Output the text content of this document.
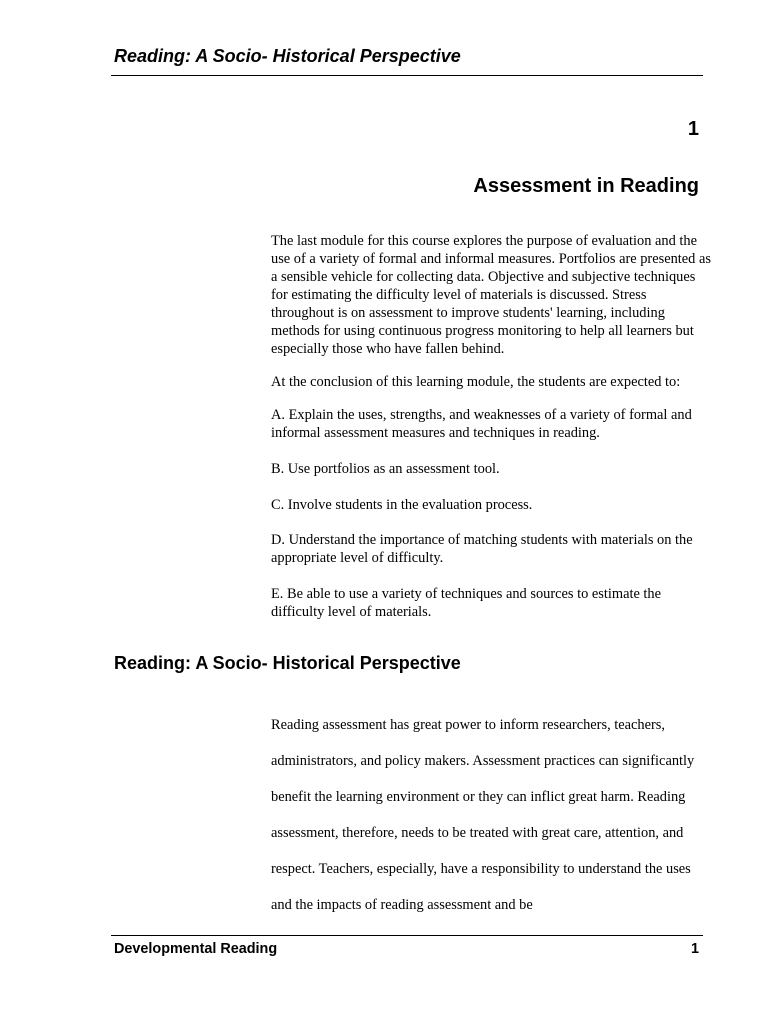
Reading: A Socio- Historical Perspective
1
Assessment in Reading

The last module for this course explores the purpose of evaluation and the use of a variety of formal and informal measures. Portfolios are presented as a sensible vehicle for collecting data. Objective and subjective techniques for estimating the difficulty level of materials is discussed. Stress throughout is on assessment to improve students' learning, including methods for using continuous progress monitoring to help all learners but especially those who have fallen behind.

At the conclusion of this learning module, the students are expected to:

A. Explain the uses, strengths, and weaknesses of a variety of formal and informal assessment measures and techniques in reading.

B. Use portfolios as an assessment tool.

C. Involve students in the evaluation process.

D. Understand the importance of matching students with materials on the appropriate level of difficulty.

E. Be able to use a variety of techniques and sources to estimate the difficulty level of materials.

Reading: A Socio- Historical Perspective

Reading assessment has great power to inform researchers, teachers, administrators, and policy makers. Assessment practices can significantly benefit the learning environment or they can inflict great harm. Reading assessment, therefore, needs to be treated with great care, attention, and respect. Teachers, especially, have a responsibility to understand the uses and the impacts of reading assessment and be

Developmental Reading	1
